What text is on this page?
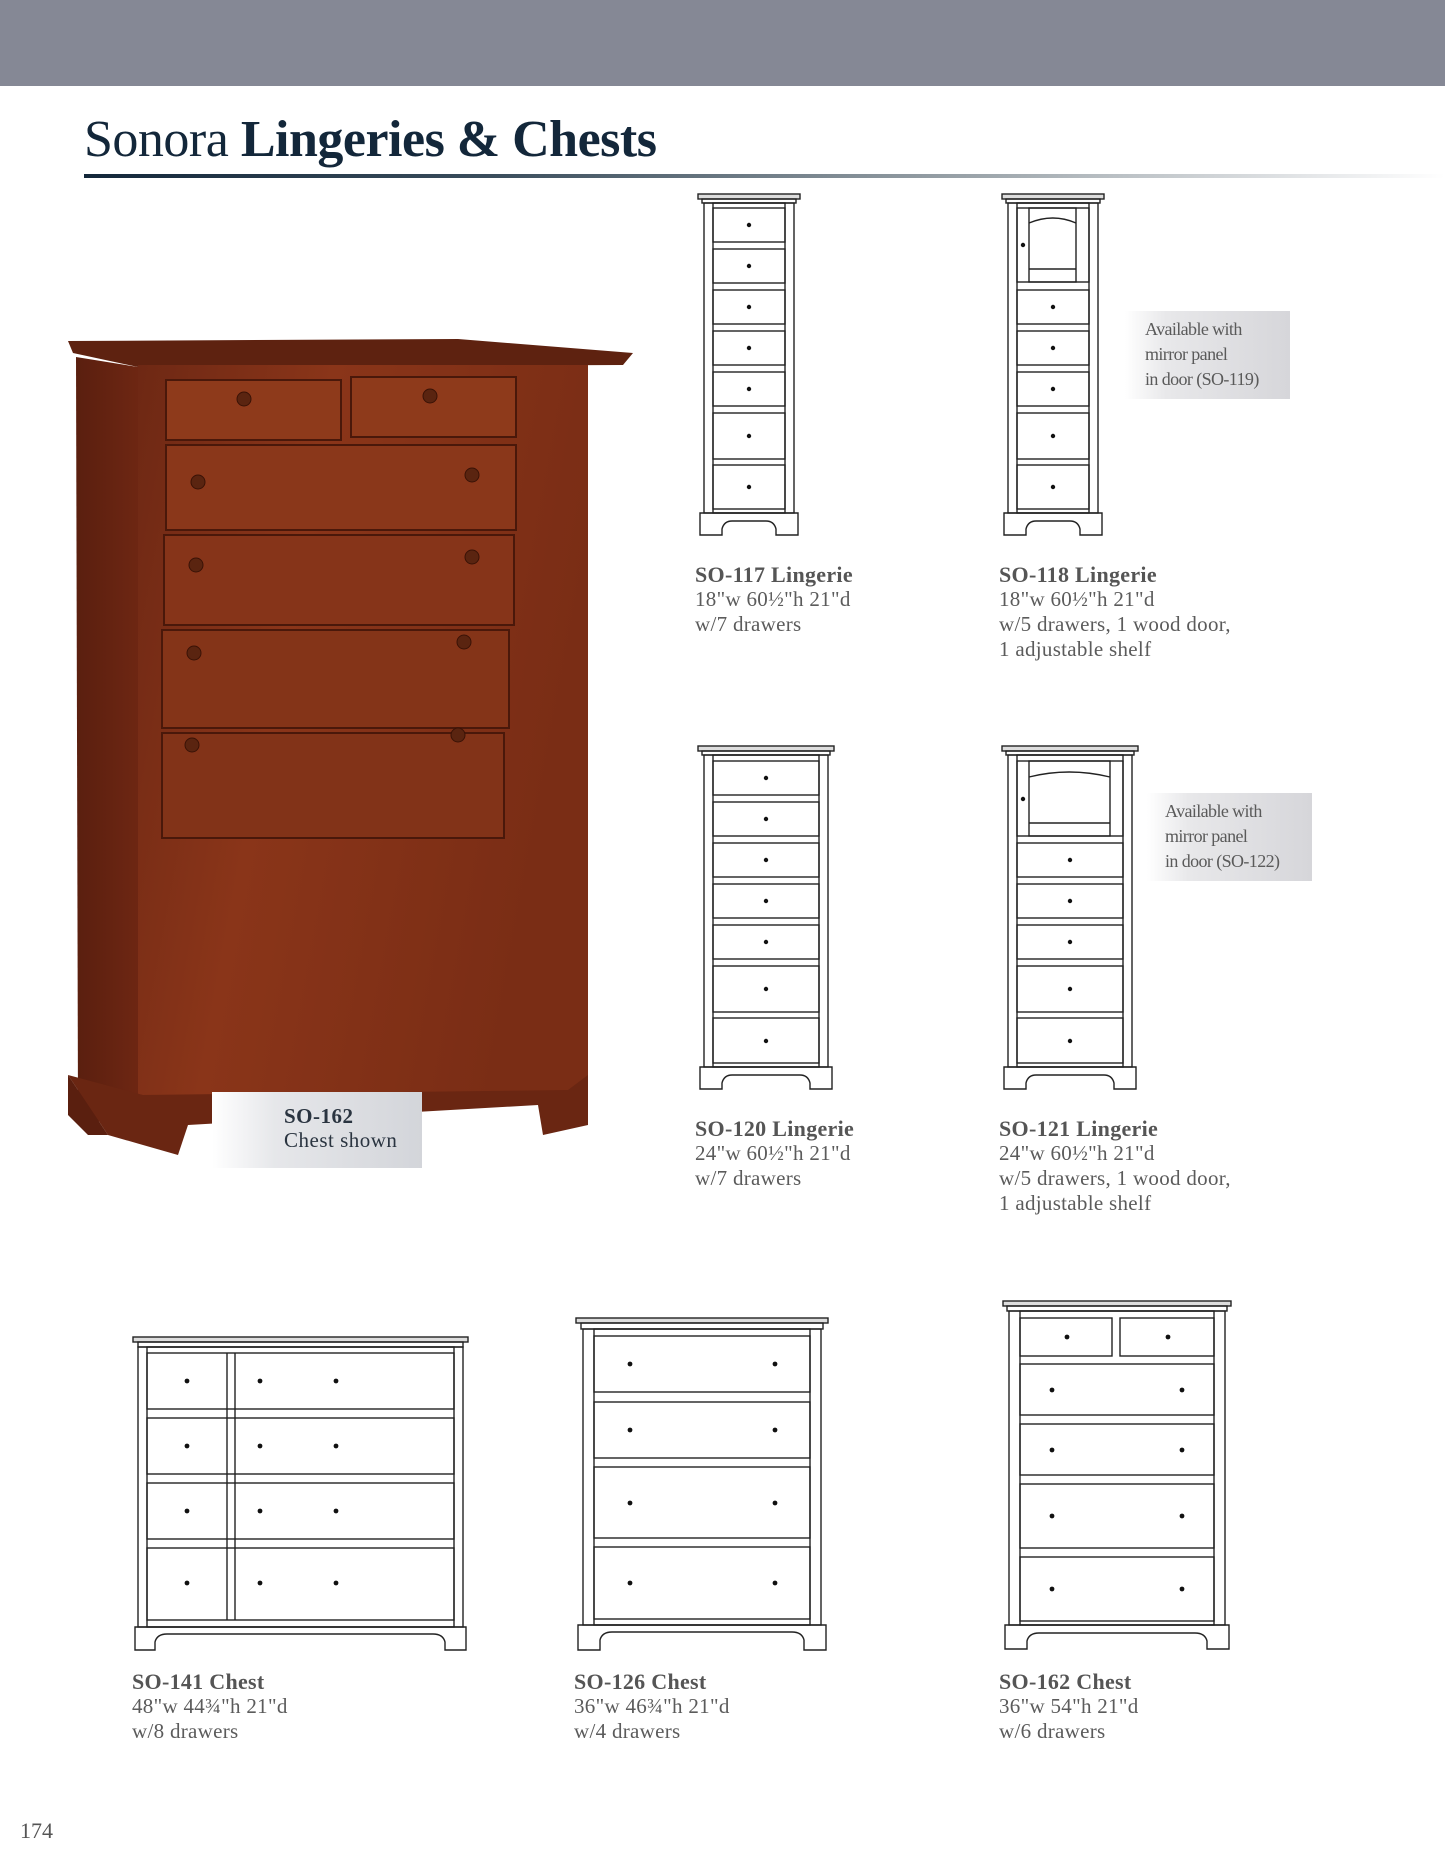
Sonora Lingeries & Chests
SO-162
Chest shown
SO-117 Lingerie
18"w 60½"h 21"d
w/7 drawers
Available with
mirror panel
in door (SO-119)
SO-118 Lingerie
18"w 60½"h 21"d
w/5 drawers, 1 wood door,
1 adjustable shelf
SO-120 Lingerie
24"w 60½"h 21"d
w/7 drawers
Available with
mirror panel
in door (SO-122)
SO-121 Lingerie
24"w 60½"h 21"d
w/5 drawers, 1 wood door,
1 adjustable shelf
SO-141 Chest
48"w 44¾"h 21"d
w/8 drawers
SO-126 Chest
36"w 46¾"h 21"d
w/4 drawers
SO-162 Chest
36"w 54"h 21"d
w/6 drawers
174
